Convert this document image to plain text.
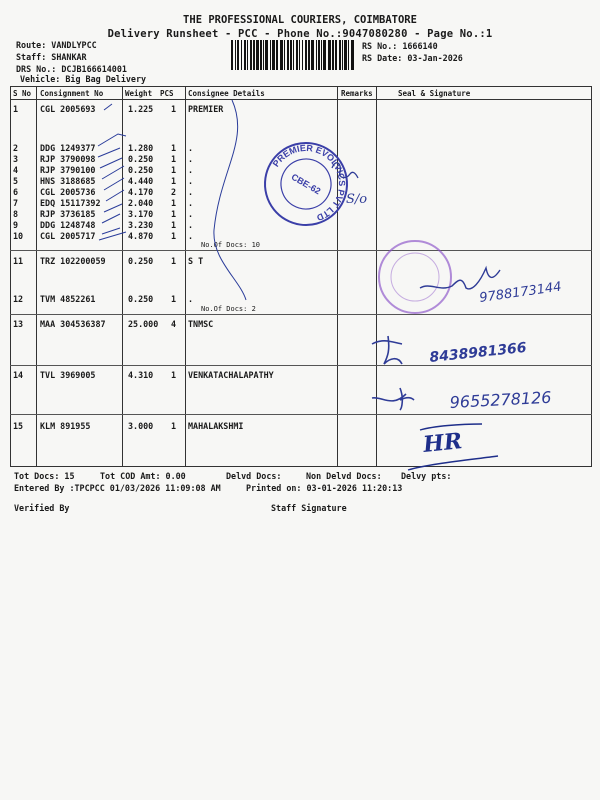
THE PROFESSIONAL COURIERS, COIMBATORE
Delivery Runsheet - PCC - Phone No.:9047080280 - Page No.:1
Route: VANDLYPCC
Staff: SHANKAR
DRS No.: DCJB166614001
Vehicle: Big Bag Delivery
RS No.: 1666140
RS Date: 03-Jan-2026
S No Consignment No	Weight PCS Consignee Details	Remarks	Seal & Signature
1	CGL 2005693	1.225 1 PREMIER
2	DDG 1249377	1.280 1 .
3	RJP 3790098	0.250 1 .
4	RJP 3790100	0.250 1 .
5	HNS 3188685	4.440 1 .
6	CGL 2005736	4.170 2 .
7	EDQ 15117392	2.040 1 .
8	RJP 3736185	3.170 1 .
9	DDG 1248748	3.230 1 .
10 CGL 2005717	4.870 1 .
No.Of Docs: 10
11 TRZ 102200059	0.250 1 S T
12 TVM 4852261	0.250 1 .
No.Of Docs: 2
13 MAA 304536387	25.000 4 TNMSC
14 TVL 3969005	4.310 1 VENKATACHALAPATHY
15 KLM 891955	3.000 1 MAHALAKSHMI
Tot Docs: 15	Tot COD Amt: 0.00	Delvd Docs:	Non Delvd Docs: Delvy pts:
Entered By :TPCPCC 01/03/2026 11:09:08 AM	Printed on: 03-01-2026 11:20:13
Verified By	Staff Signature
PREMIER EVOLVICS PVT LTD
CBE-62
S/o
9788173144
8438981366
9655278126
HR
